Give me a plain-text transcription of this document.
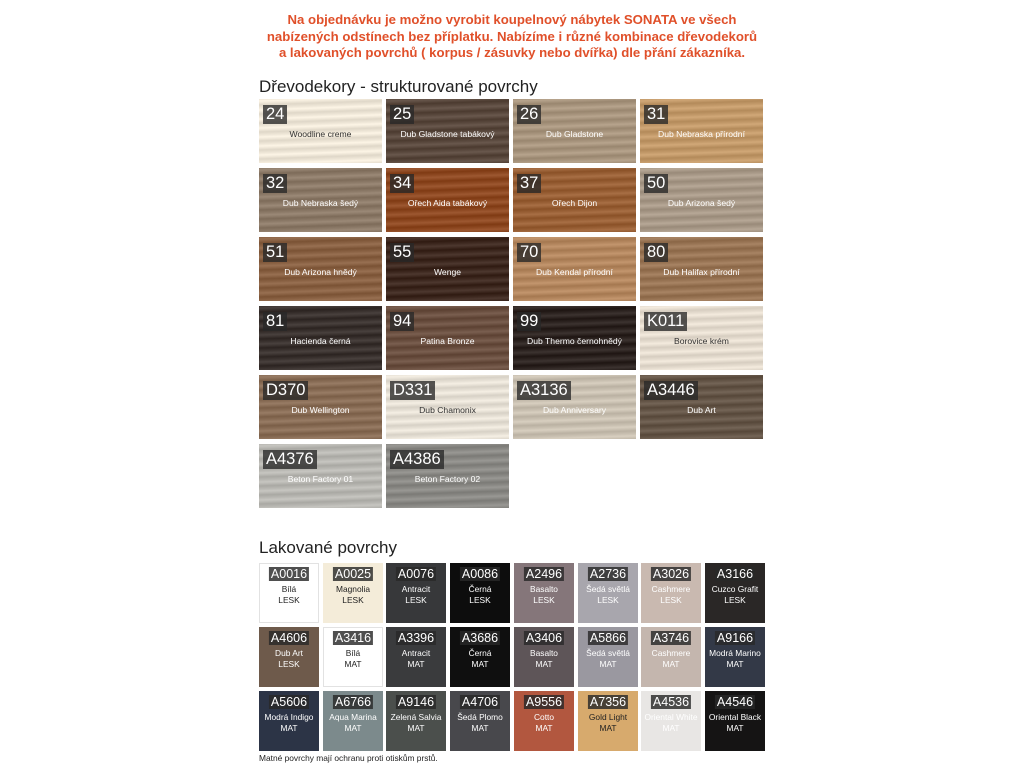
Na objednávku je možno vyrobit koupelnový nábytek SONATA ve všech
nabízených odstínech bez příplatku. Nabízíme i různé kombinace dřevodekorů
a lakovaných povrchů ( korpus / zásuvky nebo dvířka) dle přání zákazníka.
Dřevodekory - strukturované povrchy
24
Woodline creme
25
Dub Gladstone tabákový
26
Dub Gladstone
31
Dub Nebraska přírodní
32
Dub Nebraska šedý
34
Ořech Aida tabákový
37
Ořech Dijon
50
Dub Arizona šedý
51
Dub Arizona hnědý
55
Wenge
70
Dub Kendal přírodní
80
Dub Halifax přírodní
81
Hacienda černá
94
Patina Bronze
99
Dub Thermo černohnědý
K011
Borovice krém
D370
Dub Wellington
D331
Dub Chamonix
A3136
Dub Anniversary
A3446
Dub Art
A4376
Beton Factory 01
A4386
Beton Factory 02
Lakované povrchy
A0016
Bílá
LESK
A0025
Magnolia
LESK
A0076
Antracit
LESK
A0086
Černá
LESK
A2496
Basalto
LESK
A2736
Šedá světlá
LESK
A3026
Cashmere
LESK
A3166
Cuzco Grafit
LESK
A4606
Dub Art
LESK
A3416
Bílá
MAT
A3396
Antracit
MAT
A3686
Černá
MAT
A3406
Basalto
MAT
A5866
Šedá světlá
MAT
A3746
Cashmere
MAT
A9166
Modrá Marino
MAT
A5606
Modrá Indigo
MAT
A6766
Aqua Marina
MAT
A9146
Zelená Salvia
MAT
A4706
Šedá Plomo
MAT
A9556
Cotto
MAT
A7356
Gold Light
MAT
A4536
Oriental White
MAT
A4546
Oriental Black
MAT
Matné povrchy mají ochranu proti otiskům prstů.
